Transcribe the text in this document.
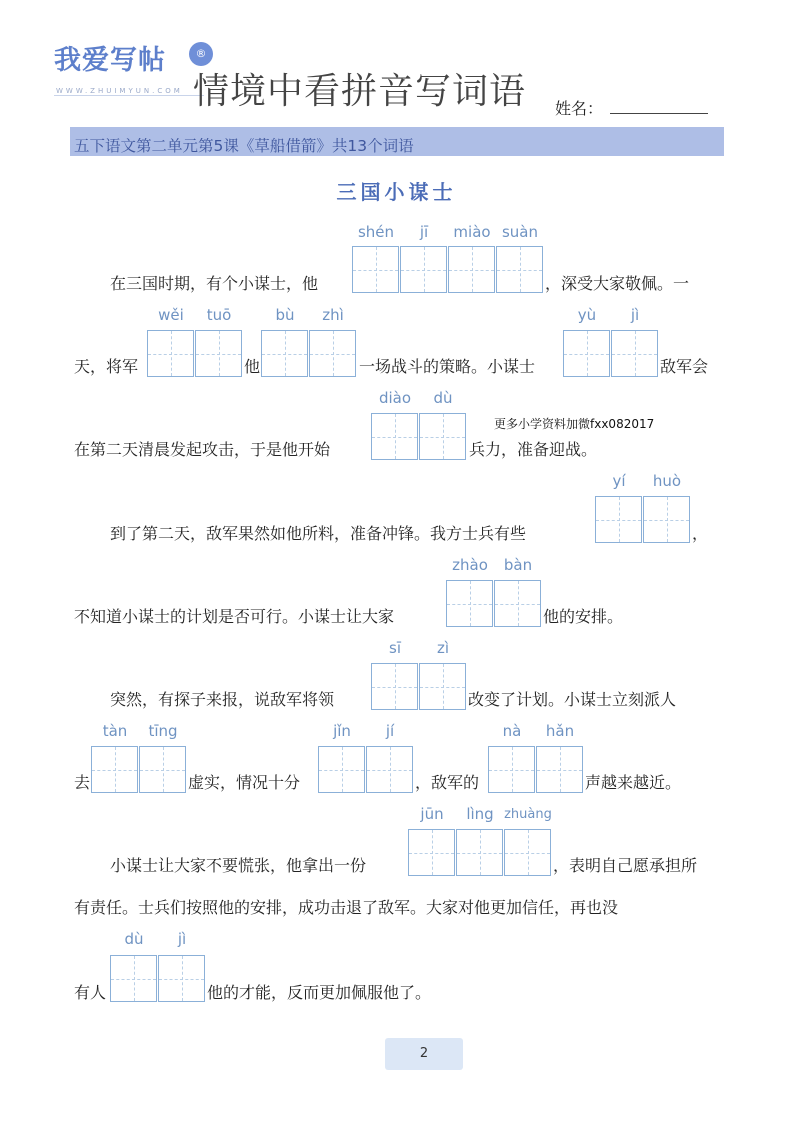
我爱写帖	®
WWW.ZHUIMYUN.COM 情境中看拼音写词语 姓名：
五下语文第二单元第5课《草船借箭》共13个词语
三国小谋士
在三国时期，有个小谋士，他
shén	jī	miào suàn
，深受大家敬佩。一
天，将军
wěi	tuō
他
bù	zhì
一场战斗的策略。小谋士
yù	jì
敌军会
在第二天清晨发起攻击，于是他开始
diào	dù
兵力，准备迎战。
更多小学资料加微fxx082017
到了第二天，敌军果然如他所料，准备冲锋。我方士兵有些
yí	huò
，
不知道小谋士的计划是否可行。小谋士让大家
zhào	bàn
他的安排。
突然，有探子来报，说敌军将领
sī	zì
改变了计划。小谋士立刻派人
去
tàn	tīng
虚实，情况十分
jǐn	jí
，敌军的
nà	hǎn
声越来越近。
小谋士让大家不要慌张，他拿出一份
jūn	lìng zhuàng
，表明自己愿承担所
有责任。士兵们按照他的安排，成功击退了敌军。大家对他更加信任，再也没
有人
dù	jì
他的才能，反而更加佩服他了。
2
